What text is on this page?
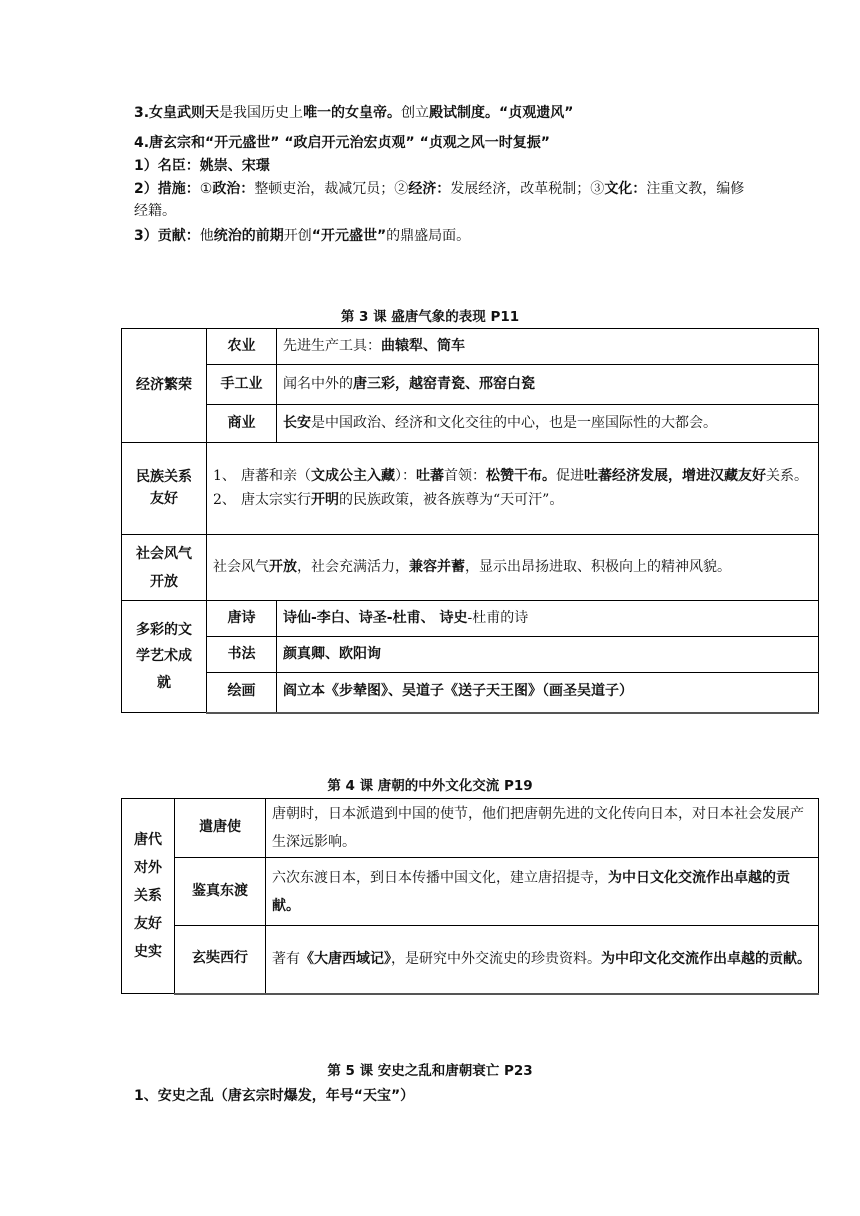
3.女皇武则天是我国历史上唯一的女皇帝。创立殿试制度。“贞观遗风”
4.唐玄宗和“开元盛世” “政启开元治宏贞观” “贞观之风一时复振”
1）名臣：姚崇、宋璟
2）措施：①政治：整顿吏治，裁减冗员；②经济：发展经济，改革税制；③文化：注重文教，编修经籍。
3）贡献：他统治的前期开创“开元盛世”的鼎盛局面。
第 3 课 盛唐气象的表现 P11
经济繁荣	农业	先进生产工具：曲辕犁、筒车
	手工业	闻名中外的唐三彩，越窑青瓷、邢窑白瓷
	商业	长安是中国政治、经济和文化交往的中心，也是一座国际性的大都会。

民族关系友好	1、 唐蕃和亲（文成公主入藏）：吐蕃首领：松赞干布。促进吐蕃经济发展，增进汉藏友好关系。
2、 唐太宗实行开明的民族政策，被各族尊为“天可汗”。	

社会风气开放	社会风气开放，社会充满活力，兼容并蓄，显示出昂扬进取、积极向上的精神风貌。	

多彩的文学艺术成就	唐诗	诗仙-李白、诗圣-杜甫、 诗史-杜甫的诗
	书法	颜真卿、欧阳询
	绘画	阎立本《步辇图》、吴道子《送子天王图》（画圣吴道子）
第 4 课 唐朝的中外文化交流 P19
唐代对外关系友好史实	遣唐使	唐朝时，日本派遣到中国的使节，他们把唐朝先进的文化传向日本，对日本社会发展产生深远影响。
	鉴真东渡	六次东渡日本，到日本传播中国文化，建立唐招提寺，为中日文化交流作出卓越的贡献。
	玄奘西行	著有《大唐西域记》，是研究中外交流史的珍贵资料。为中印文化交流作出卓越的贡献。
第 5 课 安史之乱和唐朝衰亡 P23
1、安史之乱（唐玄宗时爆发，年号“天宝”）
